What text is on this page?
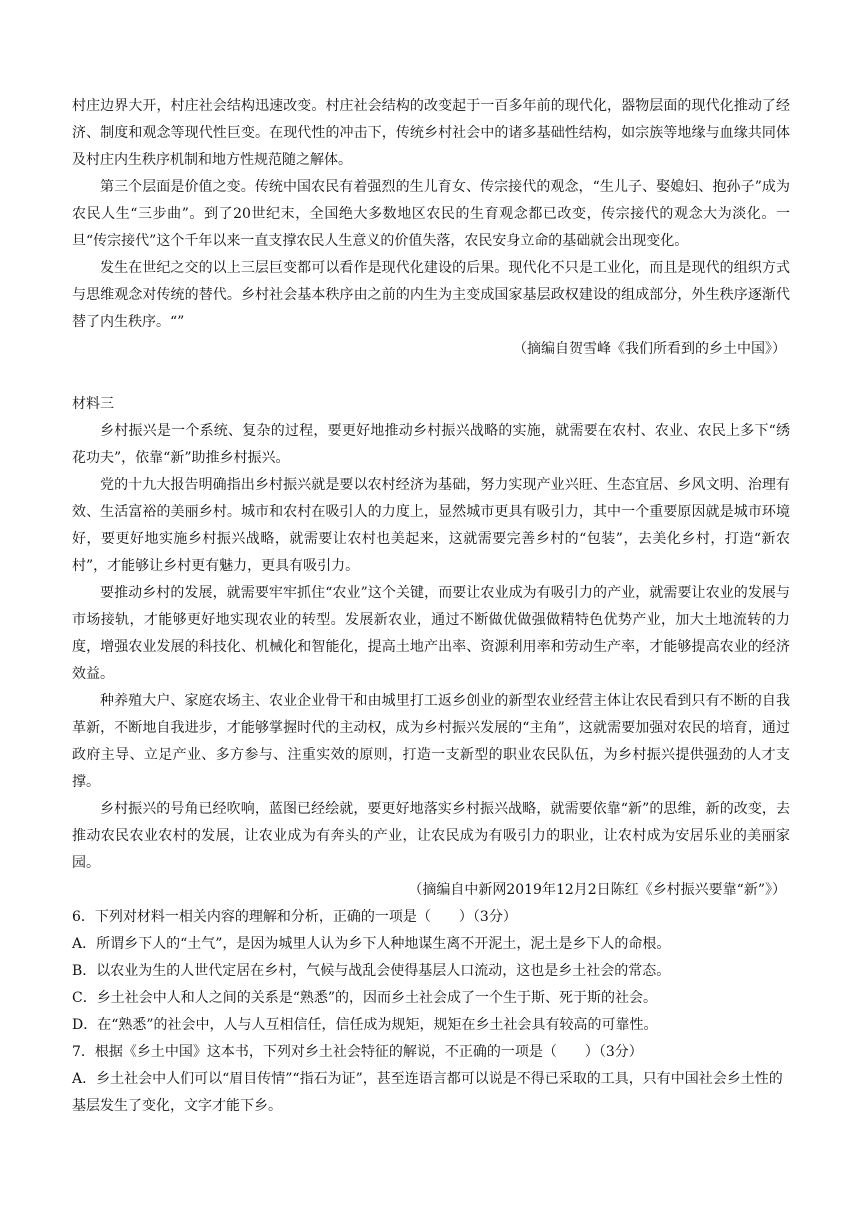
村庄边界大开，村庄社会结构迅速改变。村庄社会结构的改变起于一百多年前的现代化，器物层面的现代化推动了经济、制度和观念等现代性巨变。在现代性的冲击下，传统乡村社会中的诸多基础性结构，如宗族等地缘与血缘共同体及村庄内生秩序机制和地方性规范随之解体。

第三个层面是价值之变。传统中国农民有着强烈的生儿育女、传宗接代的观念，“生儿子、娶媳妇、抱孙子”成为农民人生“三步曲”。到了20世纪末，全国绝大多数地区农民的生育观念都已改变，传宗接代的观念大为淡化。一旦“传宗接代”这个千年以来一直支撑农民人生意义的价值失落，农民安身立命的基础就会出现变化。

发生在世纪之交的以上三层巨变都可以看作是现代化建设的后果。现代化不只是工业化，而且是现代的组织方式与思维观念对传统的替代。乡村社会基本秩序由之前的内生为主变成国家基层政权建设的组成部分，外生秩序逐渐代替了内生秩序。“”

（摘编自贺雪峰《我们所看到的乡土中国》）

材料三

乡村振兴是一个系统、复杂的过程，要更好地推动乡村振兴战略的实施，就需要在农村、农业、农民上多下“绣花功夫”，依靠“新”助推乡村振兴。

党的十九大报告明确指出乡村振兴就是要以农村经济为基础，努力实现产业兴旺、生态宜居、乡风文明、治理有效、生活富裕的美丽乡村。城市和农村在吸引人的力度上，显然城市更具有吸引力，其中一个重要原因就是城市环境好，要更好地实施乡村振兴战略，就需要让农村也美起来，这就需要完善乡村的“包装”，去美化乡村，打造“新农村”，才能够让乡村更有魅力，更具有吸引力。

要推动乡村的发展，就需要牢牢抓住“农业”这个关键，而要让农业成为有吸引力的产业，就需要让农业的发展与市场接轨，才能够更好地实现农业的转型。发展新农业，通过不断做优做强做精特色优势产业，加大土地流转的力度，增强农业发展的科技化、机械化和智能化，提高土地产出率、资源利用率和劳动生产率，才能够提高农业的经济效益。

种养殖大户、家庭农场主、农业企业骨干和由城里打工返乡创业的新型农业经营主体让农民看到只有不断的自我革新，不断地自我进步，才能够掌握时代的主动权，成为乡村振兴发展的“主角”，这就需要加强对农民的培育，通过政府主导、立足产业、多方参与、注重实效的原则，打造一支新型的职业农民队伍，为乡村振兴提供强劲的人才支撑。

乡村振兴的号角已经吹响，蓝图已经绘就，要更好地落实乡村振兴战略，就需要依靠“新”的思维，新的改变，去推动农民农业农村的发展，让农业成为有奔头的产业，让农民成为有吸引力的职业，让农村成为安居乐业的美丽家园。

（摘编自中新网2019年12月2日陈红《乡村振兴要靠“新”》）

6．下列对材料一相关内容的理解和分析，正确的一项是（　　）（3分）

A．所谓乡下人的“土气”，是因为城里人认为乡下人种地谋生离不开泥土，泥土是乡下人的命根。

B．以农业为生的人世代定居在乡村，气候与战乱会使得基层人口流动，这也是乡土社会的常态。

C．乡土社会中人和人之间的关系是“熟悉”的，因而乡土社会成了一个生于斯、死于斯的社会。

D．在“熟悉”的社会中，人与人互相信任，信任成为规矩，规矩在乡土社会具有较高的可靠性。

7．根据《乡土中国》这本书，下列对乡土社会特征的解说，不正确的一项是（　　）（3分）

A．乡土社会中人们可以“眉目传情”“指石为证”，甚至连语言都可以说是不得已采取的工具，只有中国社会乡土性的基层发生了变化，文字才能下乡。
